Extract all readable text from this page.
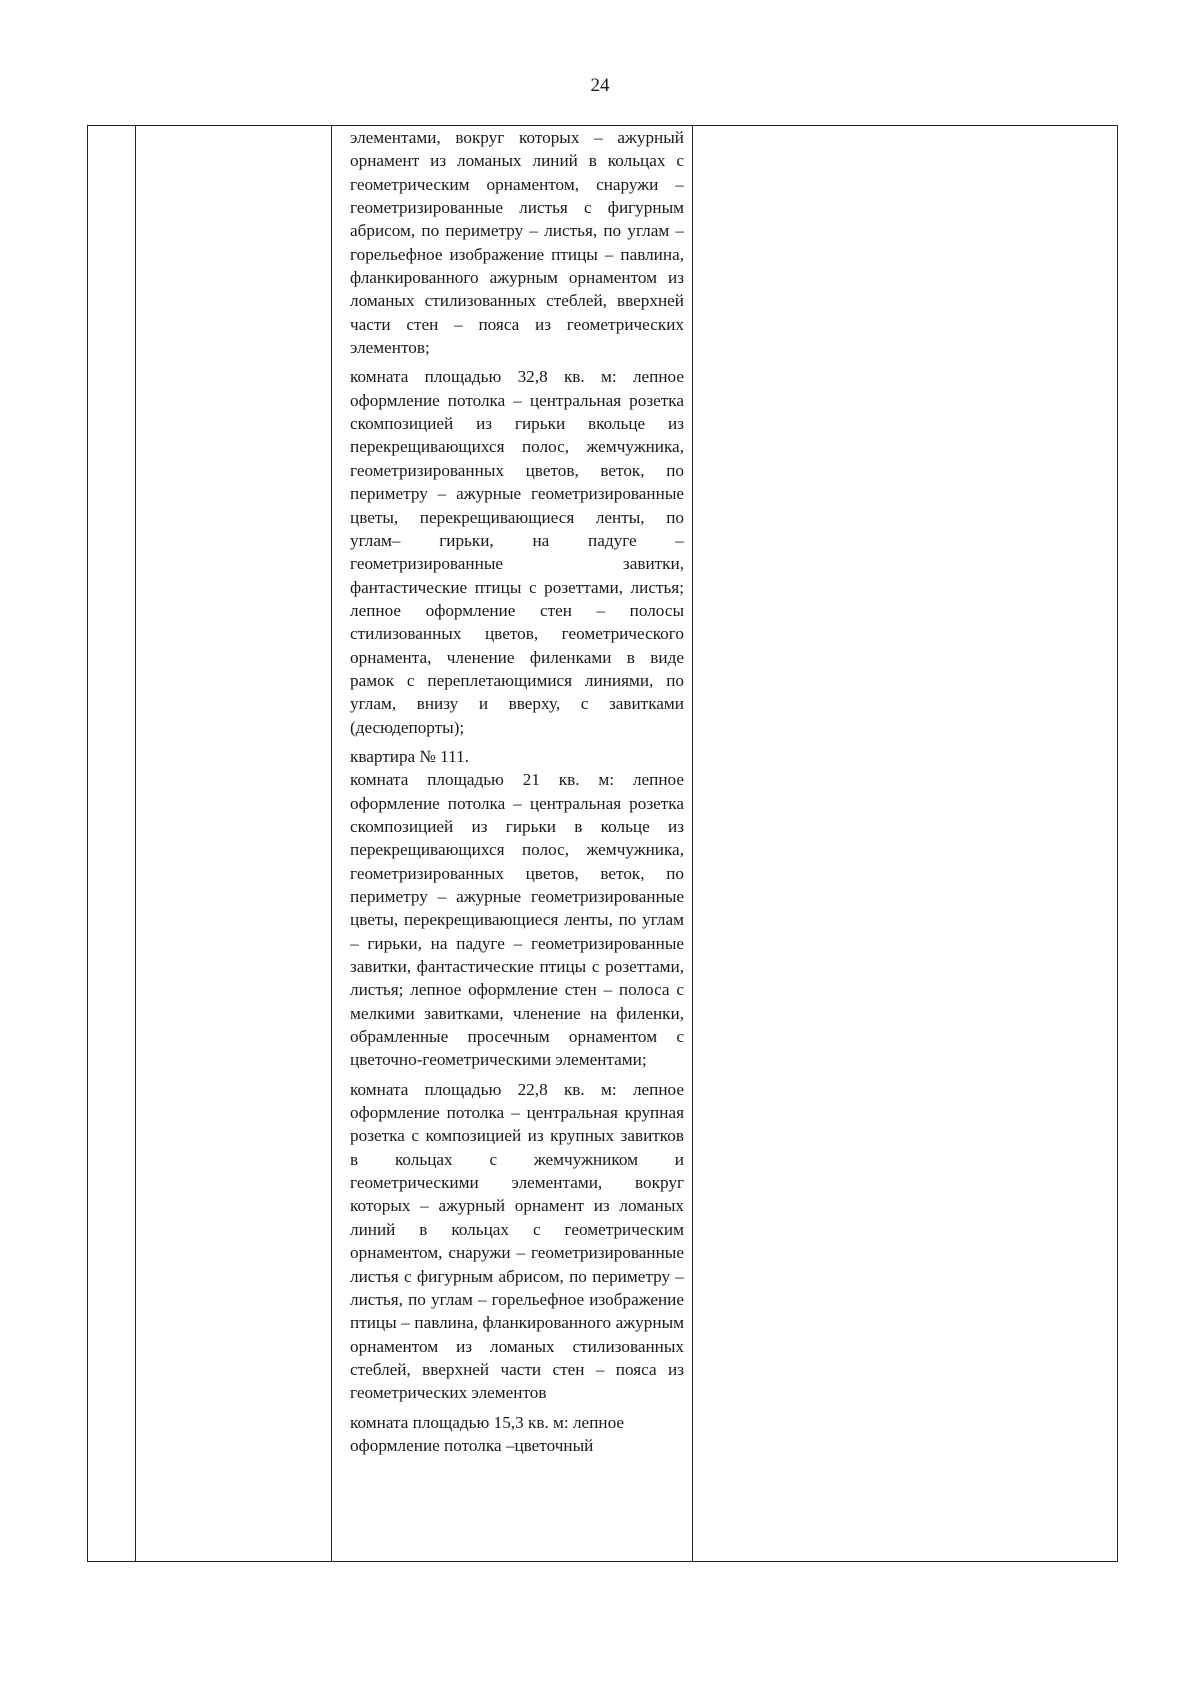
24

элементами, вокруг которых – ажурный орнамент из ломаных линий в кольцах с геометрическим орнаментом, снаружи – геометризированные листья с фигурным абрисом, по периметру – листья, по углам – горельефное изображение птицы – павлина, фланкированного ажурным орнаментом из ломаных стилизованных стеблей, вверхней части стен – пояса из геометрических элементов;

комната площадью 32,8 кв. м: лепное оформление потолка – центральная розетка скомпозицией из гирьки вкольце из перекрещивающихся полос, жемчужника, геометризированных цветов, веток, по периметру – ажурные геометризированные цветы, перекрещивающиеся ленты, по углам– гирьки, на падуге –геометризированные завитки, фантастические птицы с розеттами, листья; лепное оформление стен – полосы стилизованных цветов, геометрического орнамента, членение филенками в виде рамок с переплетающимися линиями, по углам, внизу и вверху, с завитками (десюдепорты);

квартира № 111.
комната площадью 21 кв. м: лепное оформление потолка – центральная розетка скомпозицией из гирьки в кольце из перекрещивающихся полос, жемчужника, геометризированных цветов, веток, по периметру – ажурные геометризированные цветы, перекрещивающиеся ленты, по углам – гирьки, на падуге – геометризированные завитки, фантастические птицы с розеттами, листья; лепное оформление стен – полоса с мелкими завитками, членение на филенки, обрамленные просечным орнаментом с цветочно-геометрическими элементами;

комната площадью 22,8 кв. м: лепное оформление потолка – центральная крупная розетка с композицией из крупных завитков в кольцах с жемчужником и геометрическими элементами, вокруг которых – ажурный орнамент из ломаных линий в кольцах с геометрическим орнаментом, снаружи – геометризированные листья с фигурным абрисом, по периметру – листья, по углам – горельефное изображение птицы – павлина, фланкированного ажурным орнаментом из ломаных стилизованных стеблей, вверхней части стен – пояса из геометрических элементов

комната площадью 15,3 кв. м: лепное оформление потолка –цветочный
